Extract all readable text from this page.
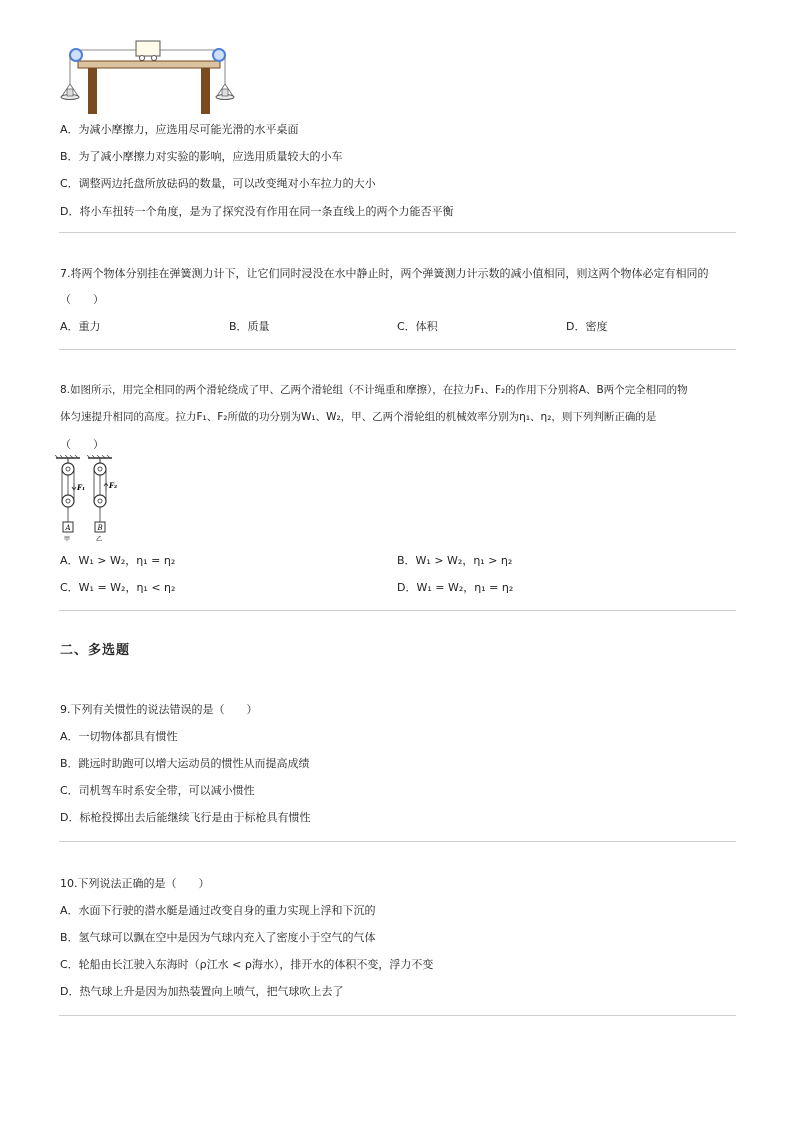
A．为减小摩擦力，应选用尽可能光滑的水平桌面
B．为了减小摩擦力对实验的影响，应选用质量较大的小车
C．调整两边托盘所放砝码的数量，可以改变绳对小车拉力的大小
D．将小车扭转一个角度，是为了探究没有作用在同一条直线上的两个力能否平衡
7.将两个物体分别挂在弹簧测力计下，让它们同时浸没在水中静止时，两个弹簧测力计示数的减小值相同，则这两个物体必定有相同的
（　　）
A．重力	B．质量	C．体积	D．密度
8.如图所示，用完全相同的两个滑轮绕成了甲、乙两个滑轮组（不计绳重和摩擦），在拉力F₁、F₂的作用下分别将A、B两个完全相同的物
体匀速提升相同的高度。拉力F₁、F₂所做的功分别为W₁、W₂，甲、乙两个滑轮组的机械效率分别为η₁、η₂，则下列判断正确的是
（　　）
F₁	F₂
A	B
甲	乙
A．W₁ > W₂，η₁ = η₂	B．W₁ > W₂，η₁ > η₂
C．W₁ = W₂，η₁ < η₂	D．W₁ = W₂，η₁ = η₂
二、多选题
9.下列有关惯性的说法错误的是（　　）
A．一切物体都具有惯性
B．跳远时助跑可以增大运动员的惯性从而提高成绩
C．司机驾车时系安全带，可以减小惯性
D．标枪投掷出去后能继续飞行是由于标枪具有惯性
10.下列说法正确的是（　　）
A．水面下行驶的潜水艇是通过改变自身的重力实现上浮和下沉的
B．氢气球可以飘在空中是因为气球内充入了密度小于空气的气体
C．轮船由长江驶入东海时（ρ江水 < ρ海水），排开水的体积不变，浮力不变
D．热气球上升是因为加热装置向上喷气，把气球吹上去了
